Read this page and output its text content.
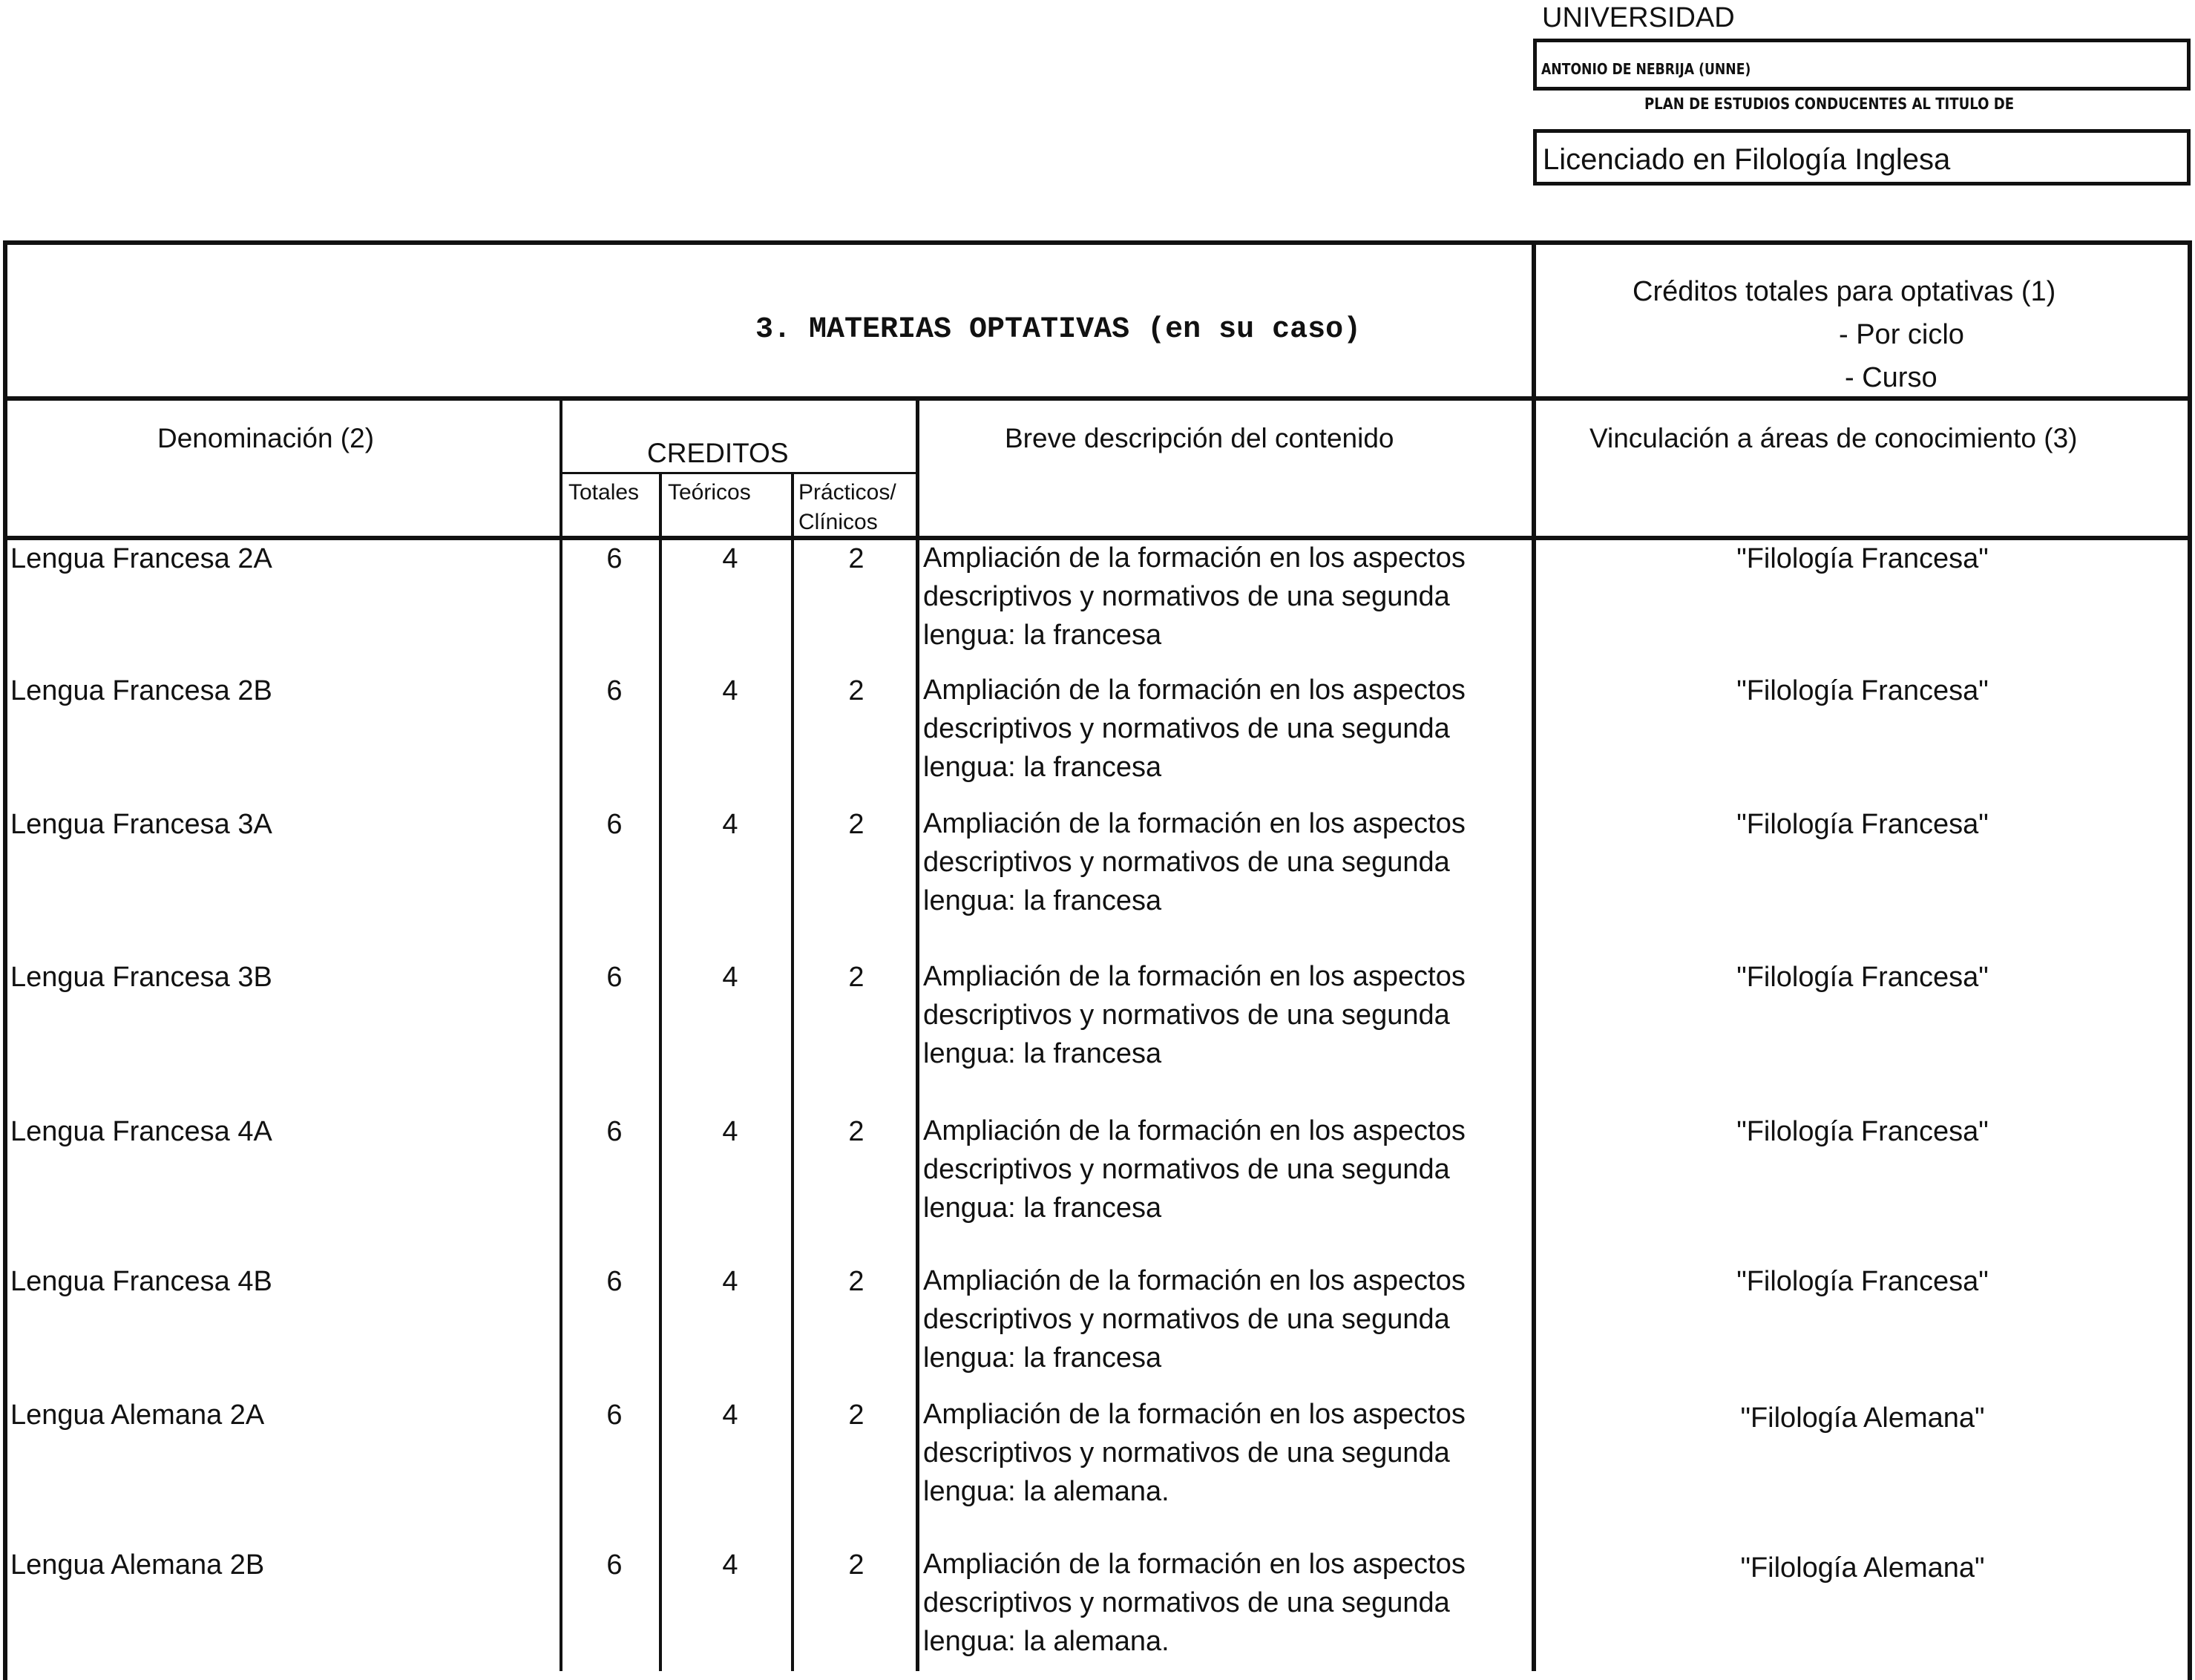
UNIVERSIDAD
ANTONIO DE NEBRIJA (UNNE)
PLAN DE ESTUDIOS CONDUCENTES AL TITULO DE
Licenciado en Filología Inglesa
3. MATERIAS OPTATIVAS (en su caso)
Créditos totales para optativas (1)
- Por ciclo
- Curso
Denominación (2)	CREDITOS
Totales Teóricos Prácticos/
Clínicos
Breve descripción del contenido	Vinculación a áreas de conocimiento (3)
Lengua Francesa 2A	6	4	2	Ampliación de la formación en los aspectos
descriptivos y normativos de una segunda
lengua: la francesa
"Filología Francesa"
Lengua Francesa 2B	6	4	2	Ampliación de la formación en los aspectos
descriptivos y normativos de una segunda
lengua: la francesa
"Filología Francesa"
Lengua Francesa 3A	6	4	2	Ampliación de la formación en los aspectos
descriptivos y normativos de una segunda
lengua: la francesa
"Filología Francesa"
Lengua Francesa 3B	6	4	2	Ampliación de la formación en los aspectos
descriptivos y normativos de una segunda
lengua: la francesa
"Filología Francesa"
Lengua Francesa 4A	6	4	2	Ampliación de la formación en los aspectos
descriptivos y normativos de una segunda
lengua: la francesa
"Filología Francesa"
Lengua Francesa 4B	6	4	2	Ampliación de la formación en los aspectos
descriptivos y normativos de una segunda
lengua: la francesa
"Filología Francesa"
Lengua Alemana 2A	6	4	2	Ampliación de la formación en los aspectos
descriptivos y normativos de una segunda
lengua: la alemana.
"Filología Alemana"
Lengua Alemana 2B	6	4	2	Ampliación de la formación en los aspectos
descriptivos y normativos de una segunda
lengua: la alemana.
"Filología Alemana"
